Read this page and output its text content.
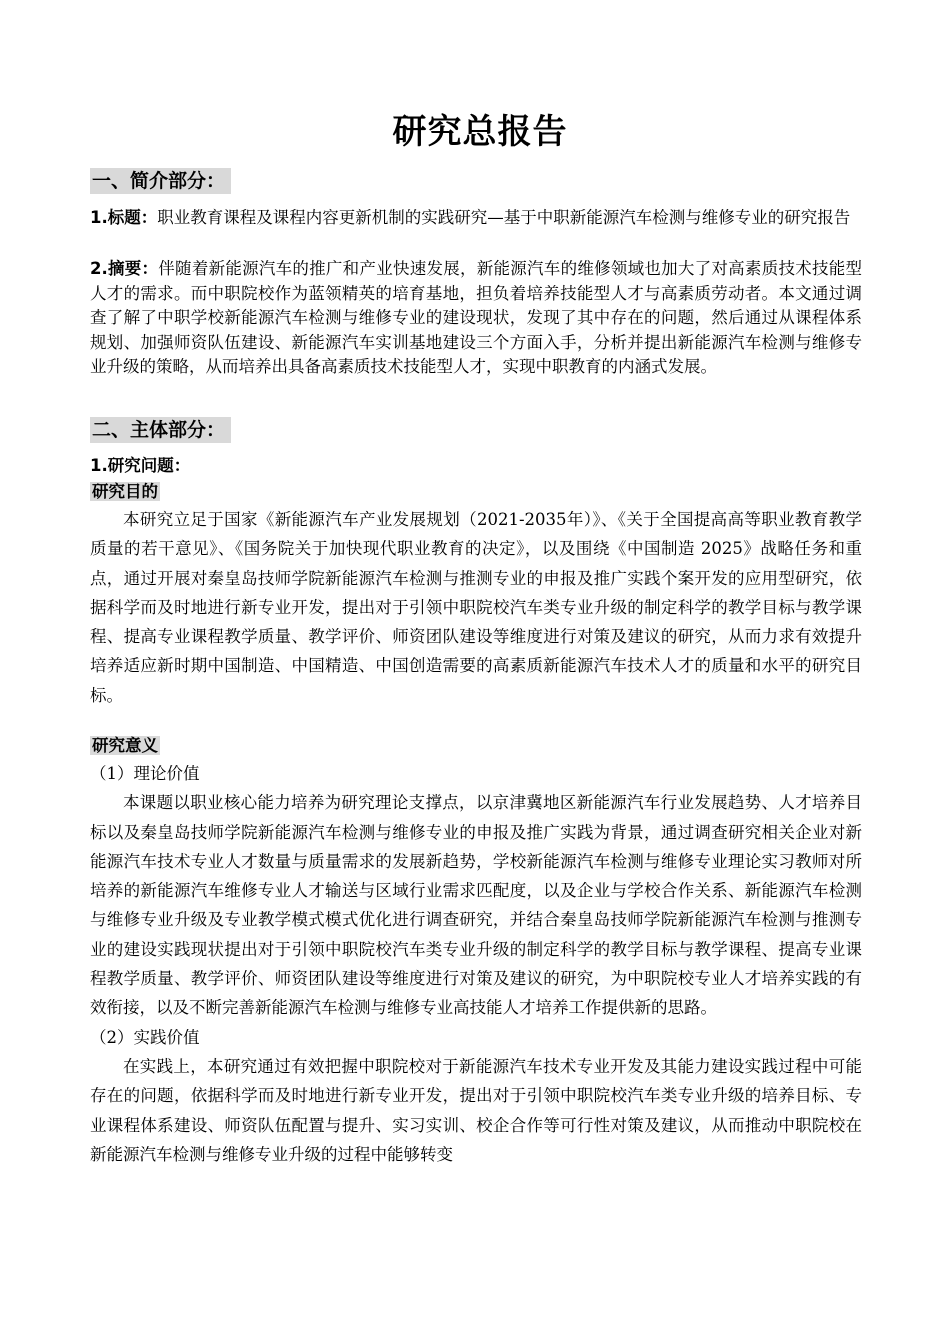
研究总报告
一、简介部分：
1.标题：职业教育课程及课程内容更新机制的实践研究—基于中职新能源汽车检测与维修专业的研究报告
2.摘要：伴随着新能源汽车的推广和产业快速发展，新能源汽车的维修领域也加大了对高素质技术技能型人才的需求。而中职院校作为蓝领精英的培育基地，担负着培养技能型人才与高素质劳动者。本文通过调查了解了中职学校新能源汽车检测与维修专业的建设现状，发现了其中存在的问题，然后通过从课程体系规划、加强师资队伍建设、新能源汽车实训基地建设三个方面入手，分析并提出新能源汽车检测与维修专业升级的策略，从而培养出具备高素质技术技能型人才，实现中职教育的内涵式发展。
二、主体部分：
1.研究问题：
研究目的
本研究立足于国家《新能源汽车产业发展规划（2021-2035年）》、《关于全国提高高等职业教育教学质量的若干意见》、《国务院关于加快现代职业教育的决定》，以及围绕《中国制造 2025》战略任务和重点，通过开展对秦皇岛技师学院新能源汽车检测与推测专业的申报及推广实践个案开发的应用型研究，依据科学而及时地进行新专业开发，提出对于引领中职院校汽车类专业升级的制定科学的教学目标与教学课程、提高专业课程教学质量、教学评价、师资团队建设等维度进行对策及建议的研究，从而力求有效提升培养适应新时期中国制造、中国精造、中国创造需要的高素质新能源汽车技术人才的质量和水平的研究目标。
研究意义
（1）理论价值
本课题以职业核心能力培养为研究理论支撑点，以京津冀地区新能源汽车行业发展趋势、人才培养目标以及秦皇岛技师学院新能源汽车检测与维修专业的申报及推广实践为背景，通过调查研究相关企业对新能源汽车技术专业人才数量与质量需求的发展新趋势，学校新能源汽车检测与维修专业理论实习教师对所培养的新能源汽车维修专业人才输送与区域行业需求匹配度，以及企业与学校合作关系、新能源汽车检测与维修专业升级及专业教学模式模式优化进行调查研究，并结合秦皇岛技师学院新能源汽车检测与推测专业的建设实践现状提出对于引领中职院校汽车类专业升级的制定科学的教学目标与教学课程、提高专业课程教学质量、教学评价、师资团队建设等维度进行对策及建议的研究，为中职院校专业人才培养实践的有效衔接，以及不断完善新能源汽车检测与维修专业高技能人才培养工作提供新的思路。
（2）实践价值
在实践上，本研究通过有效把握中职院校对于新能源汽车技术专业开发及其能力建设实践过程中可能存在的问题，依据科学而及时地进行新专业开发，提出对于引领中职院校汽车类专业升级的培养目标、专业课程体系建设、师资队伍配置与提升、实习实训、校企合作等可行性对策及建议，从而推动中职院校在新能源汽车检测与维修专业升级的过程中能够转变
